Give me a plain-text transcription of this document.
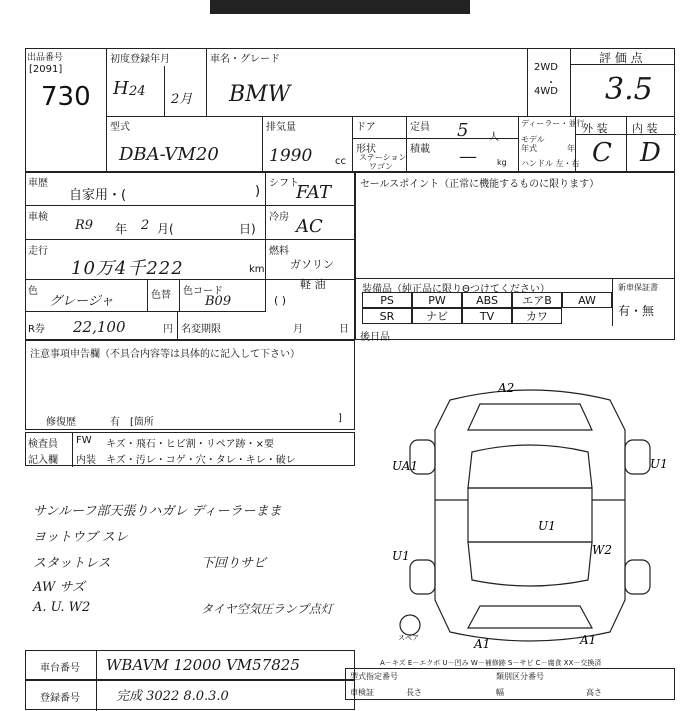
出品番号
[2091]
730
初度登録年月
H 24
2月
車名・グレード
BMW
2WD
・
4WD
評 価 点
3.5
型式
DBA-VM20
排気量
1990 cc
ドア
形状
ステーション
ワゴン
定員 5 人
積載 —	kg
ディーラー・並行
モデル
年式	年
ハンドル 左・右
外 装 内 装
C D
車歴
自家用・(	)
シフト
FAT
車検
R9 年 2 月(	日)
冷房 AC
走行
10万4千222	km
燃料
ガソリン
軽 油
( )
色
グレージャ	色替 色コード
B09
R券 22,100	円 名変期限	月	日
セールスポイント（正常に機能するものに限ります）
装備品（純正品に限りΘつけてください）	新車保証書
有・無
PS	PW	ABS	エアB	AW
SR	ナビ	TV	カワ
後日品
注意事項申告欄（不具合内容等は具体的に記入して下さい）
修復歴	有 [箇所	]
検査員
記入欄
FW キズ・飛石・ヒビ割・リペア跡・×要
内装 キズ・汚レ・コゲ・穴・タレ・キレ・破レ
サンルーフ部天張りハガレ ディーラーまま
ヨットウブ スレ
スタットレス
AW サズ
A. U. W2
下回りサビ
タイヤ空気圧ランプ点灯
A2
UA1	U1
U1
U1	W2
A1	A1
スペア
A－キズ E－エクボ U－凹み W－補修跡 S－サビ C－腐食 XX－交換済
車台番号 WBAVM 12000 VM57825
登録番号	完成 3022 8.0.3.0
型式指定番号	類別区分番号
車検証	長さ	幅	高さ
